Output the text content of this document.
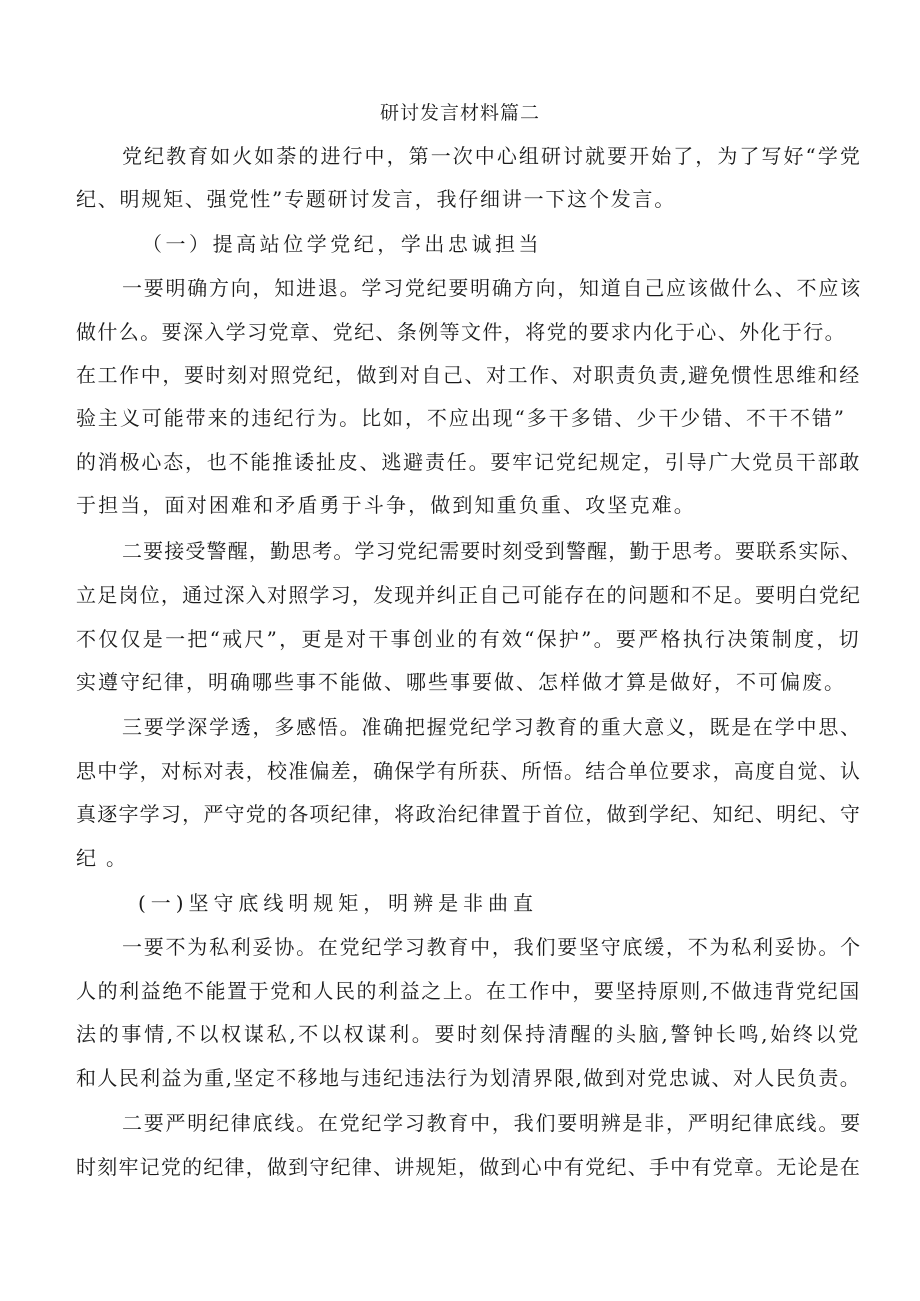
研讨发言材料篇二
党纪教育如火如荼的进行中，第一次中心组研讨就要开始了，为了写好“学党
纪、明规矩、强党性”专题研讨发言，我仔细讲一下这个发言。
（一）提高站位学党纪，学出忠诚担当
一要明确方向，知进退。学习党纪要明确方向，知道自己应该做什么、不应该
做什么。要深入学习党章、党纪、条例等文件，将党的要求内化于心、外化于行。
在工作中，要时刻对照党纪，做到对自己、对工作、对职责负责,避免惯性思维和经
验主义可能带来的违纪行为。比如，不应出现“多干多错、少干少错、不干不错”
的消极心态，也不能推诿扯皮、逃避责任。要牢记党纪规定，引导广大党员干部敢
于担当，面对困难和矛盾勇于斗争，做到知重负重、攻坚克难。
二要接受警醒，勤思考。学习党纪需要时刻受到警醒，勤于思考。要联系实际、
立足岗位，通过深入对照学习，发现并纠正自己可能存在的问题和不足。要明白党纪
不仅仅是一把“戒尺”，更是对干事创业的有效“保护”。要严格执行决策制度，切
实遵守纪律，明确哪些事不能做、哪些事要做、怎样做才算是做好，不可偏废。
三要学深学透，多感悟。准确把握党纪学习教育的重大意义，既是在学中思、
思中学，对标对表，校准偏差，确保学有所获、所悟。结合单位要求，高度自觉、认
真逐字学习，严守党的各项纪律，将政治纪律置于首位，做到学纪、知纪、明纪、守
纪。
(一)坚守底线明规矩，明辨是非曲直
一要不为私利妥协。在党纪学习教育中，我们要坚守底缓，不为私利妥协。个
人的利益绝不能置于党和人民的利益之上。在工作中，要坚持原则,不做违背党纪国
法的事情,不以权谋私,不以权谋利。要时刻保持清醒的头脑,警钟长鸣,始终以党
和人民利益为重,坚定不移地与违纪违法行为划清界限,做到对党忠诚、对人民负责。
二要严明纪律底线。在党纪学习教育中，我们要明辨是非，严明纪律底线。要
时刻牢记党的纪律，做到守纪律、讲规矩，做到心中有党纪、手中有党章。无论是在
